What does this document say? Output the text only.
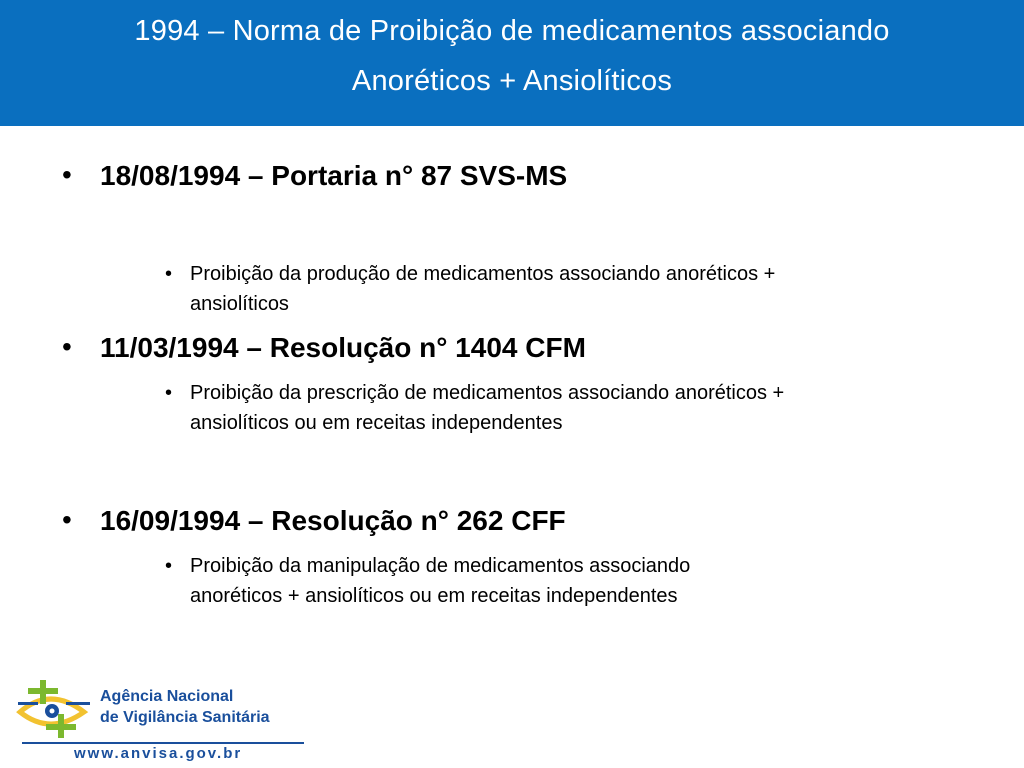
1994 – Norma de Proibição de medicamentos associando
Anoréticos + Ansiolíticos
• 18/08/1994 – Portaria n° 87 SVS-MS
• Proibição da produção de medicamentos associando anoréticos +
ansiolíticos
• 11/03/1994 – Resolução n° 1404 CFM
• Proibição da prescrição de medicamentos associando anoréticos +
ansiolíticos ou em receitas independentes
• 16/09/1994 – Resolução n° 262 CFF
• Proibição da manipulação de medicamentos associando
anoréticos + ansiolíticos ou em receitas independentes
Agência Nacional
de Vigilância Sanitária
www.anvisa.gov.br
